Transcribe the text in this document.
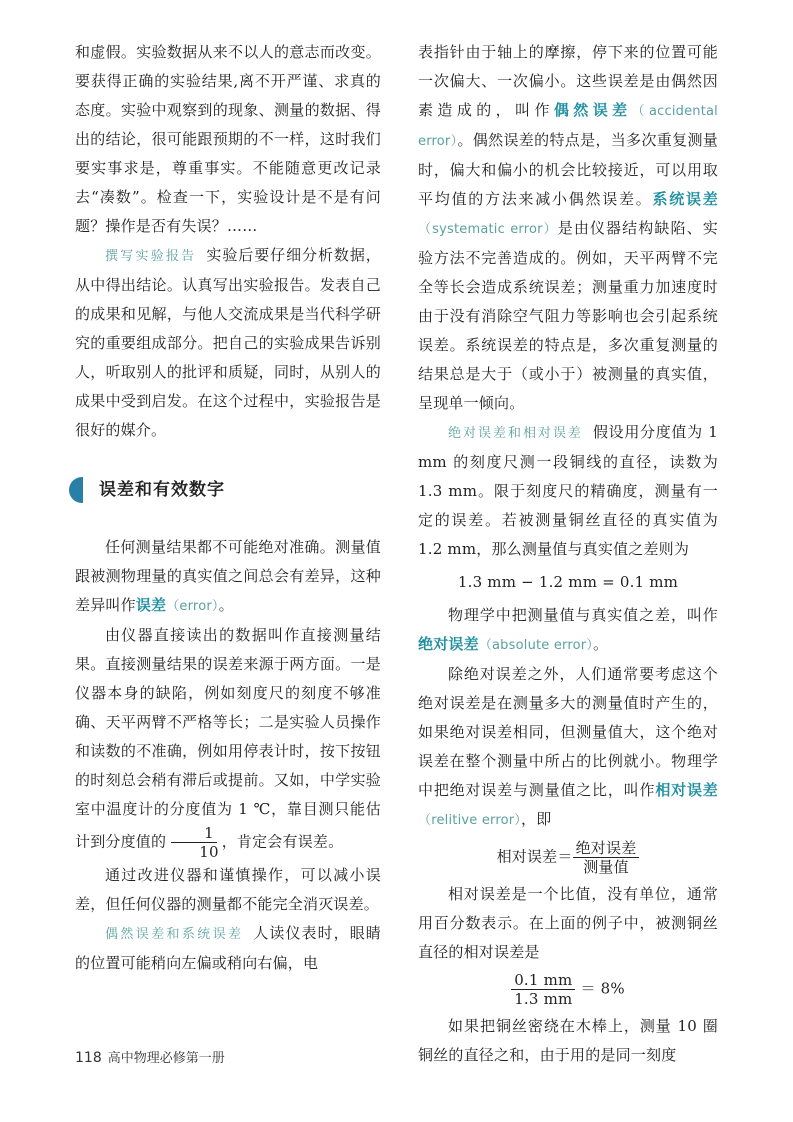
和虚假。实验数据从来不以人的意志而改变。要获得正确的实验结果,离不开严谨、求真的态度。实验中观察到的现象、测量的数据、得出的结论，很可能跟预期的不一样，这时我们要实事求是，尊重事实。不能随意更改记录去“凑数”。检查一下，实验设计是不是有问题？操作是否有失误？……

撰写实验报告 实验后要仔细分析数据，从中得出结论。认真写出实验报告。发表自己的成果和见解，与他人交流成果是当代科学研究的重要组成部分。把自己的实验成果告诉别人，听取别人的批评和质疑，同时，从别人的成果中受到启发。在这个过程中，实验报告是很好的媒介。

误差和有效数字

任何测量结果都不可能绝对准确。测量值跟被测物理量的真实值之间总会有差异，这种差异叫作误差（error）。

由仪器直接读出的数据叫作直接测量结果。直接测量结果的误差来源于两方面。一是仪器本身的缺陷，例如刻度尺的刻度不够准确、天平两臂不严格等长；二是实验人员操作和读数的不准确，例如用停表计时，按下按钮的时刻总会稍有滞后或提前。又如，中学实验室中温度计的分度值为 1 ℃，靠目测只能估计到分度值的 $\frac{1}{10}$ ，肯定会有误差。

通过改进仪器和谨慎操作，可以减小误差，但任何仪器的测量都不能完全消灭误差。

偶然误差和系统误差 人读仪表时，眼睛的位置可能稍向左偏或稍向右偏，电

表指针由于轴上的摩擦，停下来的位置可能一次偏大、一次偏小。这些误差是由偶然因素造成的，叫作偶然误差（accidental error）。偶然误差的特点是，当多次重复测量时，偏大和偏小的机会比较接近，可以用取平均值的方法来减小偶然误差。系统误差（systematic error）是由仪器结构缺陷、实验方法不完善造成的。例如，天平两臂不完全等长会造成系统误差；测量重力加速度时由于没有消除空气阻力等影响也会引起系统误差。系统误差的特点是，多次重复测量的结果总是大于（或小于）被测量的真实值，呈现单一倾向。

绝对误差和相对误差 假设用分度值为 1 mm 的刻度尺测一段铜线的直径，读数为 1.3 mm。限于刻度尺的精确度，测量有一定的误差。若被测量铜丝直径的真实值为 1.2 mm，那么测量值与真实值之差则为

1.3 mm − 1.2 mm = 0.1 mm

物理学中把测量值与真实值之差，叫作绝对误差（absolute error）。

除绝对误差之外，人们通常要考虑这个绝对误差是在测量多大的测量值时产生的，如果绝对误差相同，但测量值大，这个绝对误差在整个测量中所占的比例就小。物理学中把绝对误差与测量值之比，叫作相对误差（relitive error），即

相对误差＝ $\frac{\text{绝对误差}}{\text{测量值}}$

相对误差是一个比值，没有单位，通常用百分数表示。在上面的例子中，被测铜丝直径的相对误差是

$\frac{0.1 mm}{1.3 mm} = 8\%$

如果把铜丝密绕在木棒上，测量 10 圈铜丝的直径之和，由于用的是同一刻度

118 高中物理必修第一册
